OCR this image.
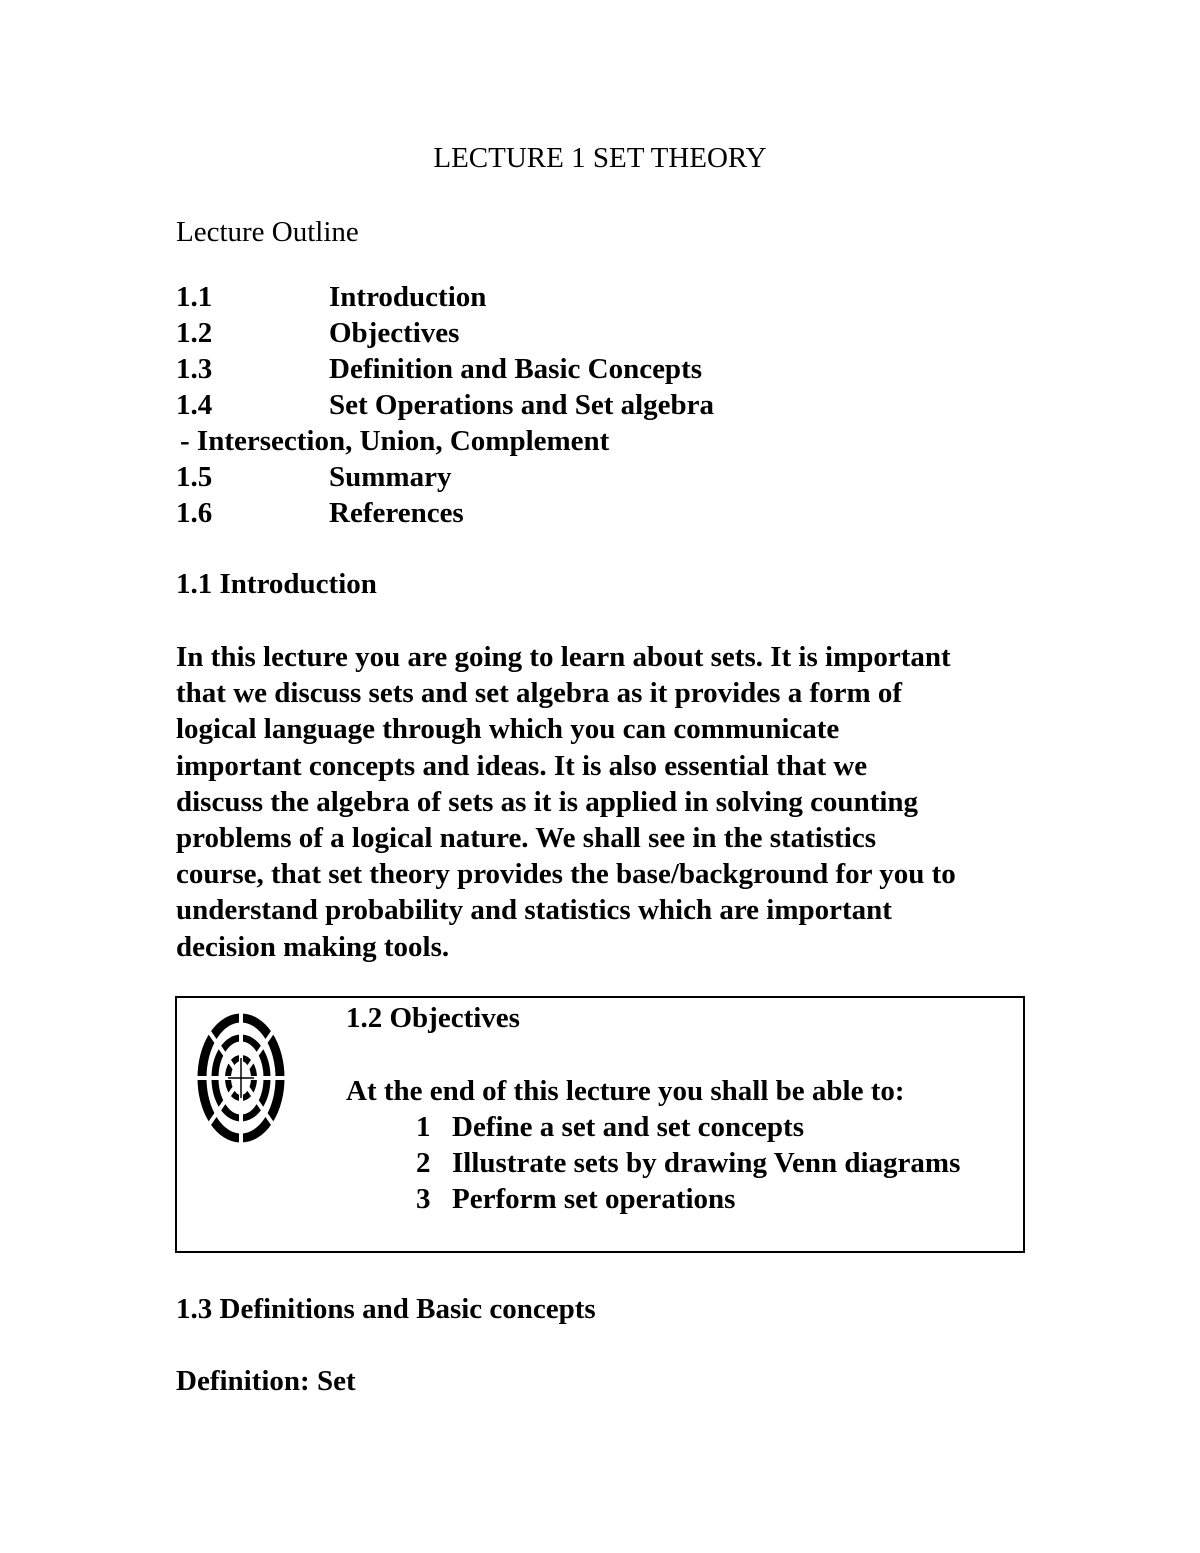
LECTURE 1 SET THEORY
Lecture Outline
1.1	Introduction
1.2	Objectives
1.3	Definition and Basic Concepts
1.4	Set Operations and Set algebra
- Intersection, Union, Complement
1.5	Summary
1.6	References
1.1 Introduction

In this lecture you are going to learn about sets. It is important
that we discuss sets and set algebra as it provides a form of
logical language through which you can communicate
important concepts and ideas. It is also essential that we
discuss the algebra of sets as it is applied in solving counting
problems of a logical nature. We shall see in the statistics
course, that set theory provides the base/background for you to
understand probability and statistics which are important
decision making tools.

1.2 Objectives
At the end of this lecture you shall be able to:
1 Define a set and set concepts
2 Illustrate sets by drawing Venn diagrams
3 Perform set operations
1.3 Definitions and Basic concepts
Definition: Set
